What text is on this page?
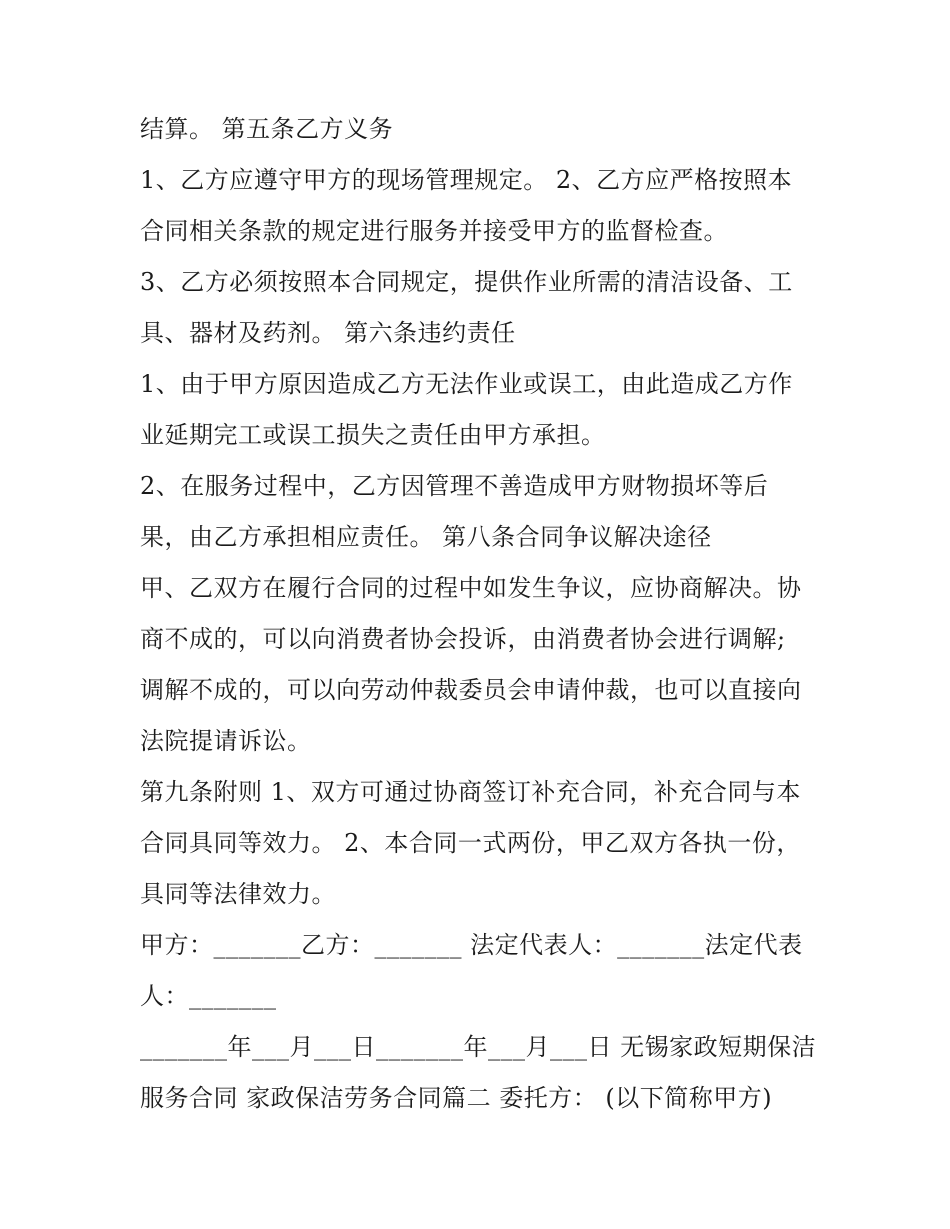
结算。 第五条乙方义务
1、乙方应遵守甲方的现场管理规定。 2、乙方应严格按照本
合同相关条款的规定进行服务并接受甲方的监督检查。
3、乙方必须按照本合同规定，提供作业所需的清洁设备、工
具、器材及药剂。 第六条违约责任
1、由于甲方原因造成乙方无法作业或误工，由此造成乙方作
业延期完工或误工损失之责任由甲方承担。
2、在服务过程中，乙方因管理不善造成甲方财物损坏等后
果，由乙方承担相应责任。 第八条合同争议解决途径
甲、乙双方在履行合同的过程中如发生争议，应协商解决。协
商不成的，可以向消费者协会投诉，由消费者协会进行调解;
调解不成的，可以向劳动仲裁委员会申请仲裁，也可以直接向
法院提请诉讼。
第九条附则 1、双方可通过协商签订补充合同，补充合同与本
合同具同等效力。 2、本合同一式两份，甲乙双方各执一份，
具同等法律效力。
甲方：_______乙方：_______ 法定代表人：_______法定代表
人：_______
_______年___月___日_______年___月___日 无锡家政短期保洁
服务合同 家政保洁劳务合同篇二 委托方： (以下简称甲方)
